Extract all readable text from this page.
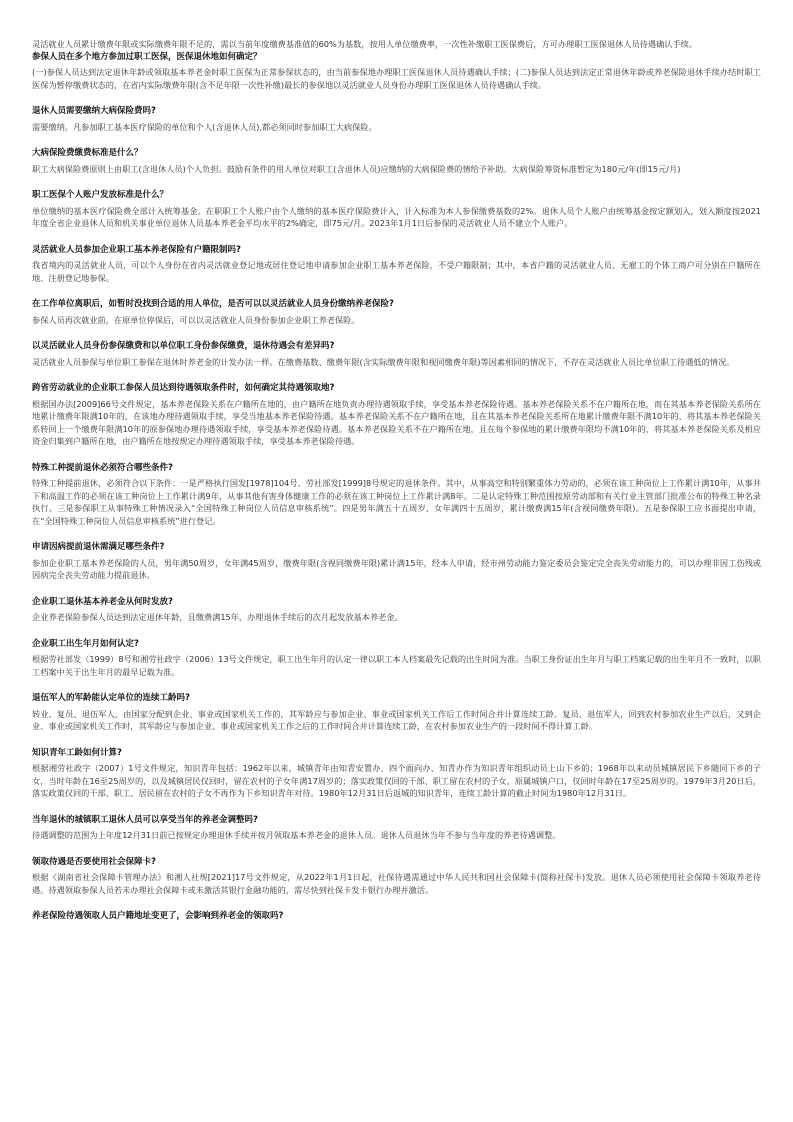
灵活就业人员累计缴费年限或实际缴费年限不足的，需以当前年度缴费基准值的60%为基数，按用人单位缴费率，一次性补缴职工医保费后，方可办理职工医保退休人员待遇确认手续。

参保人员在多个地方参加过职工医保，医保退休地如何确定？

(一)参保人员达到法定退休年龄或领取基本养老金时职工医保为正常参保状态的，由当前参保地办理职工医保退休人员待遇确认手续；(二)参保人员达到法定正常退休年龄或养老保险退休手续办结时职工医保为暂停缴费状态的，在省内实际缴费年限(含不足年限一次性补缴)最长的参保地以灵活就业人员身份办理职工医保退休人员待遇确认手续。

退休人员需要缴纳大病保险费吗?

需要缴纳。凡参加职工基本医疗保险的单位和个人(含退休人员),都必须同时参加职工大病保险。

大病保险费缴费标准是什么？

职工大病保险费原则上由职工(含退休人员)个人负担。鼓励有条件的用人单位对职工(含退休人员)应缴纳的大病保险费的情给予补助。大病保险筹资标准暂定为180元/年(即15元/月)

职工医保个人账户发放标准是什么？

单位缴纳的基本医疗保险费全部计入统筹基金。在职职工个人账户由个人缴纳的基本医疗保险费计入，计入标准为本人参保缴费基数的2%。退休人员个人账户由统筹基金按定额划入，划入额度按2021年度全省企业退休人员和机关事业单位退休人员基本养老金平均水平的2%确定，即75元/月。2023年1月1日后参保的灵活就业人员不建立个人账户。

灵活就业人员参加企业职工基本养老保险有户籍限制吗?

我省境内的灵活就业人员，可以个人身份在省内灵活就业登记地或居住登记地申请参加企业职工基本养老保险，不受户籍限制；其中，本省户籍的灵活就业人员、无雇工的个体工商户可分别在户籍所在地、注册登记地参保。

在工作单位离职后，如暂时没找到合适的用人单位，是否可以以灵活就业人员身份缴纳养老保险?

参保人员再次就业前，在原单位停保后，可以以灵活就业人员身份参加企业职工养老保险。

以灵活就业人员身份参保缴费和以单位职工身份参保缴费，退休待遇会有差异吗?

灵活就业人员参保与单位职工参保在退休时养老金的计发办法一样。在缴费基数、缴费年限(含实际缴费年限和视同缴费年限)等因素相同的情况下，不存在灵活就业人员比单位职工待遇低的情况。

跨省劳动就业的企业职工参保人员达到待遇领取条件时，如何确定其待遇领取地?

根据国办法[2009]66号文件规定，基本养老保险关系在户籍所在地的，由户籍所在地负责办理待遇领取手续，享受基本养老保险待遇。基本养老保险关系不在户籍所在地，而在其基本养老保险关系所在地累计缴费年限满10年的，在该地办理待遇领取手续，享受当地基本养老保险待遇。基本养老保险关系不在户籍所在地，且在其基本养老保险关系所在地累计缴费年限不满10年的，将其基本养老保险关系转回上一个缴费年限满10年的原参保地办理待遇领取手续，享受基本养老保险待遇。基本养老保险关系不在户籍所在地，且在每个参保地的累计缴费年限均不满10年的，将其基本养老保险关系及相应资金归集到户籍所在地，由户籍所在地按规定办理待遇领取手续，享受基本养老保险待遇。

特殊工种提前退休必须符合哪些条件?

特殊工种提前退休，必须符合以下条件：一是严格执行国发[1978]104号、劳社部发[1999]8号规定的退休条件。其中，从事高空和特别繁重体力劳动的，必须在该工种岗位上工作累计满10年，从事井下和高温工作的必须在该工种岗位上工作累计满9年，从事其他有害身体健康工作的必须在该工种岗位上工作累计满8年。二是认定特殊工种范围按原劳动部和有关行业主管部门批准公布的特殊工种名录执行。三是参保职工从事特殊工种情况录入“全国特殊工种岗位人员信息审核系统”。四是男年满五十五周岁、女年满四十五周岁，累计缴费满15年(含视同缴费年限)。五是参保职工应书面提出申请，在“全国特殊工种岗位人员信息审核系统”进行登记。

申请因病提前退休需满足哪些条件?

参加企业职工基本养老保险的人员，男年满50周岁，女年满45周岁，缴费年限(含视同缴费年限)累计满15年，经本人申请，经市州劳动能力鉴定委员会鉴定完全丧失劳动能力的，可以办理非因工伤残或因病完全丧失劳动能力提前退休。

企业职工退休基本养老金从何时发放?

企业养老保险参保人员达到法定退休年龄，且缴费满15年，办理退休手续后的次月起发放基本养老金。

企业职工出生年月如何认定?

根据劳社部发（1999）8号和湘劳社政字（2006）13号文件规定，职工出生年月的认定一律以职工本人档案最先记载的出生时间为准。当职工身份证出生年月与职工档案记载的出生年月不一致时，以职工档案中关于出生年月的最早记载为准。

退伍军人的军龄能认定单位的连续工龄吗?

转业、复员、退伍军人，由国家分配到企业、事业或国家机关工作的，其军龄应与参加企业、事业或国家机关工作后工作时间合并计算连续工龄。复员、退伍军人，回到农村参加农业生产以后，又到企业、事业或国家机关工作时，其军龄应与参加企业、事业或国家机关工作之后的工作时间合并计算连续工龄，在农村参加农业生产的一段时间不得计算工龄。

知识青年工龄如何计算?

根据湘劳社政字（2007）1号文件规定，知识青年包括：1962年以来，城镇青年由知青安置办、四个面向办、知青办作为知识青年组织动员上山下乡的；1968年以来动员城镇居民下乡随同下乡的子女，当时年龄在16至25周岁的，以及城镇居民仅回时，留在农村的子女年满17周岁的；落实政策仅回的干部、职工留在农村的子女，原属城镇户口，仅回时年龄在17至25周岁的。1979年3月20日后，落实政策仅回的干部、职工、居民留在农村的子女不再作为下乡知识青年对待。1980年12月31日后返城的知识青年，连续工龄计算的截止时间为1980年12月31日。

当年退休的城镇职工退休人员可以享受当年的养老金调整吗?

待遇调整的范围为上年度12月31日前已按规定办理退休手续并按月领取基本养老金的退休人员。退休人员退休当年不参与当年度的养老待遇调整。

领取待遇是否要使用社会保障卡?

根据《湖南省社会保障卡管理办法》和湘人社规[2021]17号文件规定，从2022年1月1日起，社保待遇需通过中华人民共和国社会保障卡(简称社保卡)发放。退休人员必须使用社会保障卡领取养老待遇。待遇领取参保人员若未办理社会保障卡或未激活其银行金融功能的，需尽快到社保卡发卡银行办理并激活。

养老保险待遇领取人员户籍地址变更了，会影响到养老金的领取吗?
